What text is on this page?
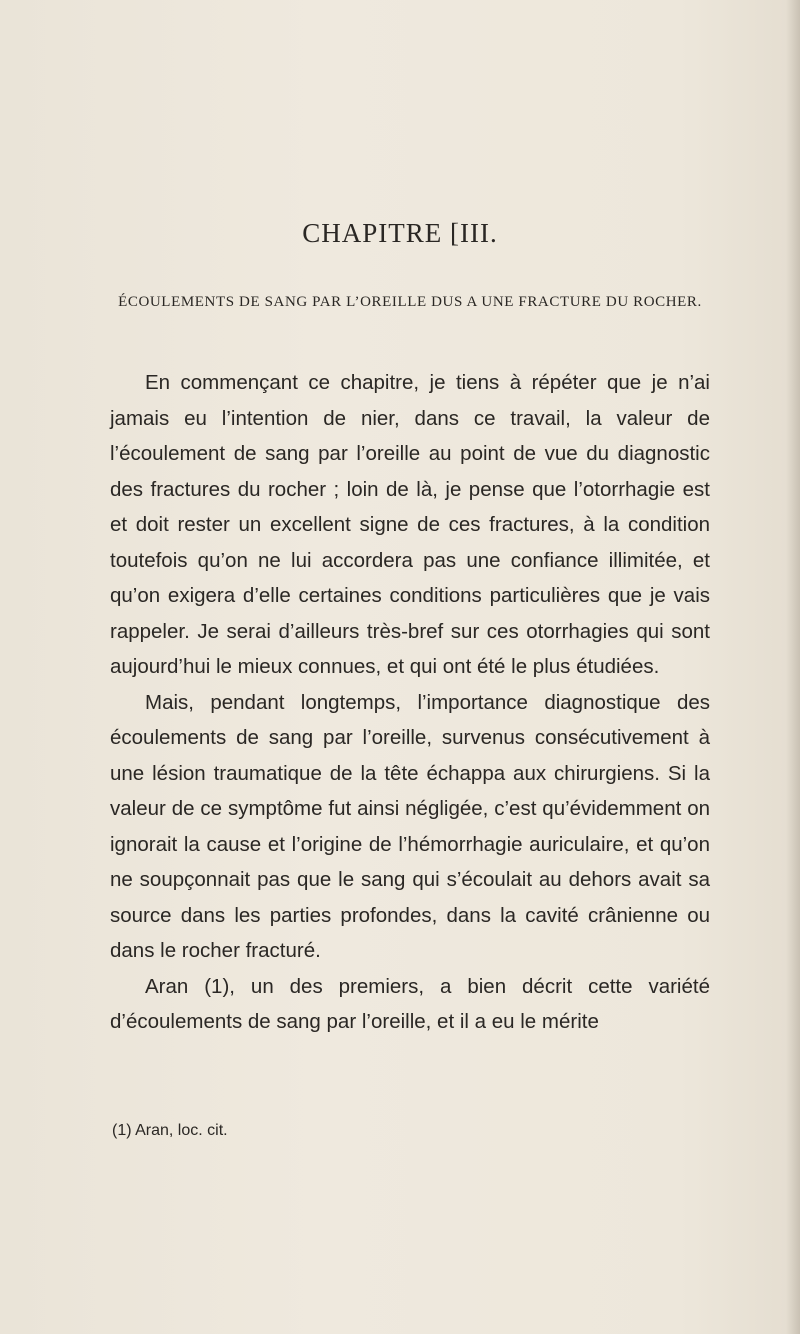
CHAPITRE [III.
ÉCOULEMENTS DE SANG PAR L’OREILLE DUS A UNE FRACTURE DU ROCHER.

En commençant ce chapitre, je tiens à répéter que je n’ai jamais eu l’intention de nier, dans ce travail, la valeur de l’écoulement de sang par l’oreille au point de vue du diagnostic des fractures du rocher ; loin de là, je pense que l’otorrhagie est et doit rester un excellent signe de ces fractures, à la condition toutefois qu’on ne lui accordera pas une confiance illimitée, et qu’on exigera d’elle certaines conditions particulières que je vais rappeler. Je serai d’ailleurs très-bref sur ces otorrhagies qui sont aujourd’hui le mieux connues, et qui ont été le plus étudiées.

Mais, pendant longtemps, l’importance diagnostique des écoulements de sang par l’oreille, survenus consécutivement à une lésion traumatique de la tête échappa aux chirurgiens. Si la valeur de ce symptôme fut ainsi négligée, c’est qu’évidemment on ignorait la cause et l’origine de l’hémorrhagie auriculaire, et qu’on ne soupçonnait pas que le sang qui s’écoulait au dehors avait sa source dans les parties profondes, dans la cavité crânienne ou dans le rocher fracturé.

Aran (1), un des premiers, a bien décrit cette variété d’écoulements de sang par l’oreille, et il a eu le mérite

(1) Aran, loc. cit.
